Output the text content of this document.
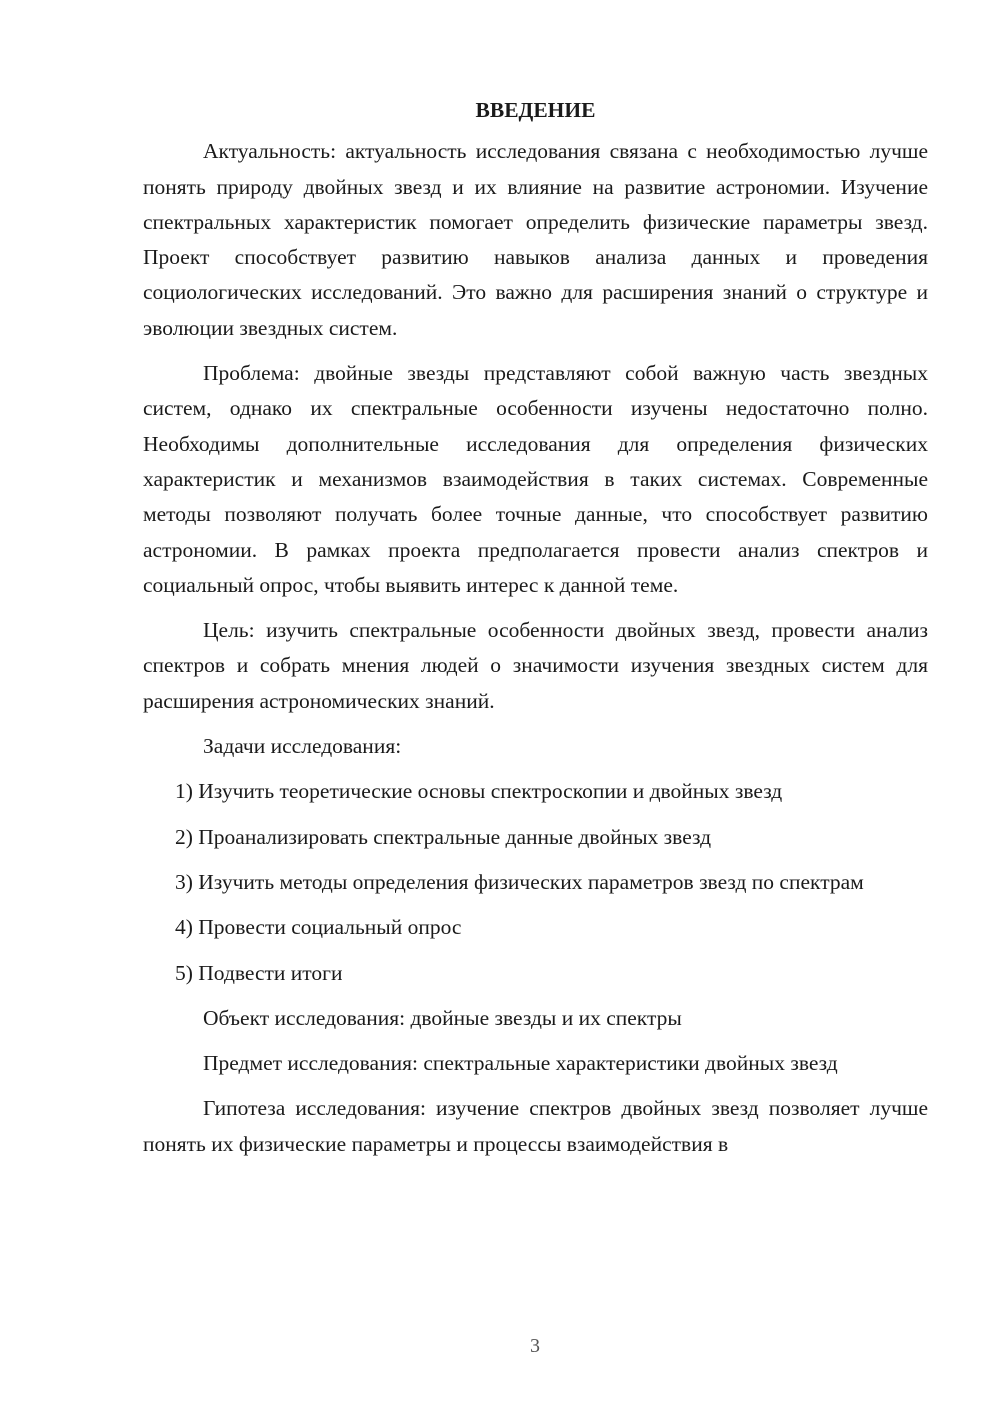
ВВЕДЕНИЕ

Актуальность: актуальность исследования связана с необходимостью лучше понять природу двойных звезд и их влияние на развитие астрономии. Изучение спектральных характеристик помогает определить физические параметры звезд. Проект способствует развитию навыков анализа данных и проведения социологических исследований. Это важно для расширения знаний о структуре и эволюции звездных систем.

Проблема: двойные звезды представляют собой важную часть звездных систем, однако их спектральные особенности изучены недостаточно полно. Необходимы дополнительные исследования для определения физических характеристик и механизмов взаимодействия в таких системах. Современные методы позволяют получать более точные данные, что способствует развитию астрономии. В рамках проекта предполагается провести анализ спектров и социальный опрос, чтобы выявить интерес к данной теме.

Цель: изучить спектральные особенности двойных звезд, провести анализ спектров и собрать мнения людей о значимости изучения звездных систем для расширения астрономических знаний.

Задачи исследования:

1) Изучить теоретические основы спектроскопии и двойных звезд

2) Проанализировать спектральные данные двойных звезд

3) Изучить методы определения физических параметров звезд по спектрам

4) Провести социальный опрос

5) Подвести итоги

Объект исследования: двойные звезды и их спектры

Предмет исследования: спектральные характеристики двойных звезд

Гипотеза исследования: изучение спектров двойных звезд позволяет лучше понять их физические параметры и процессы взаимодействия в

3
